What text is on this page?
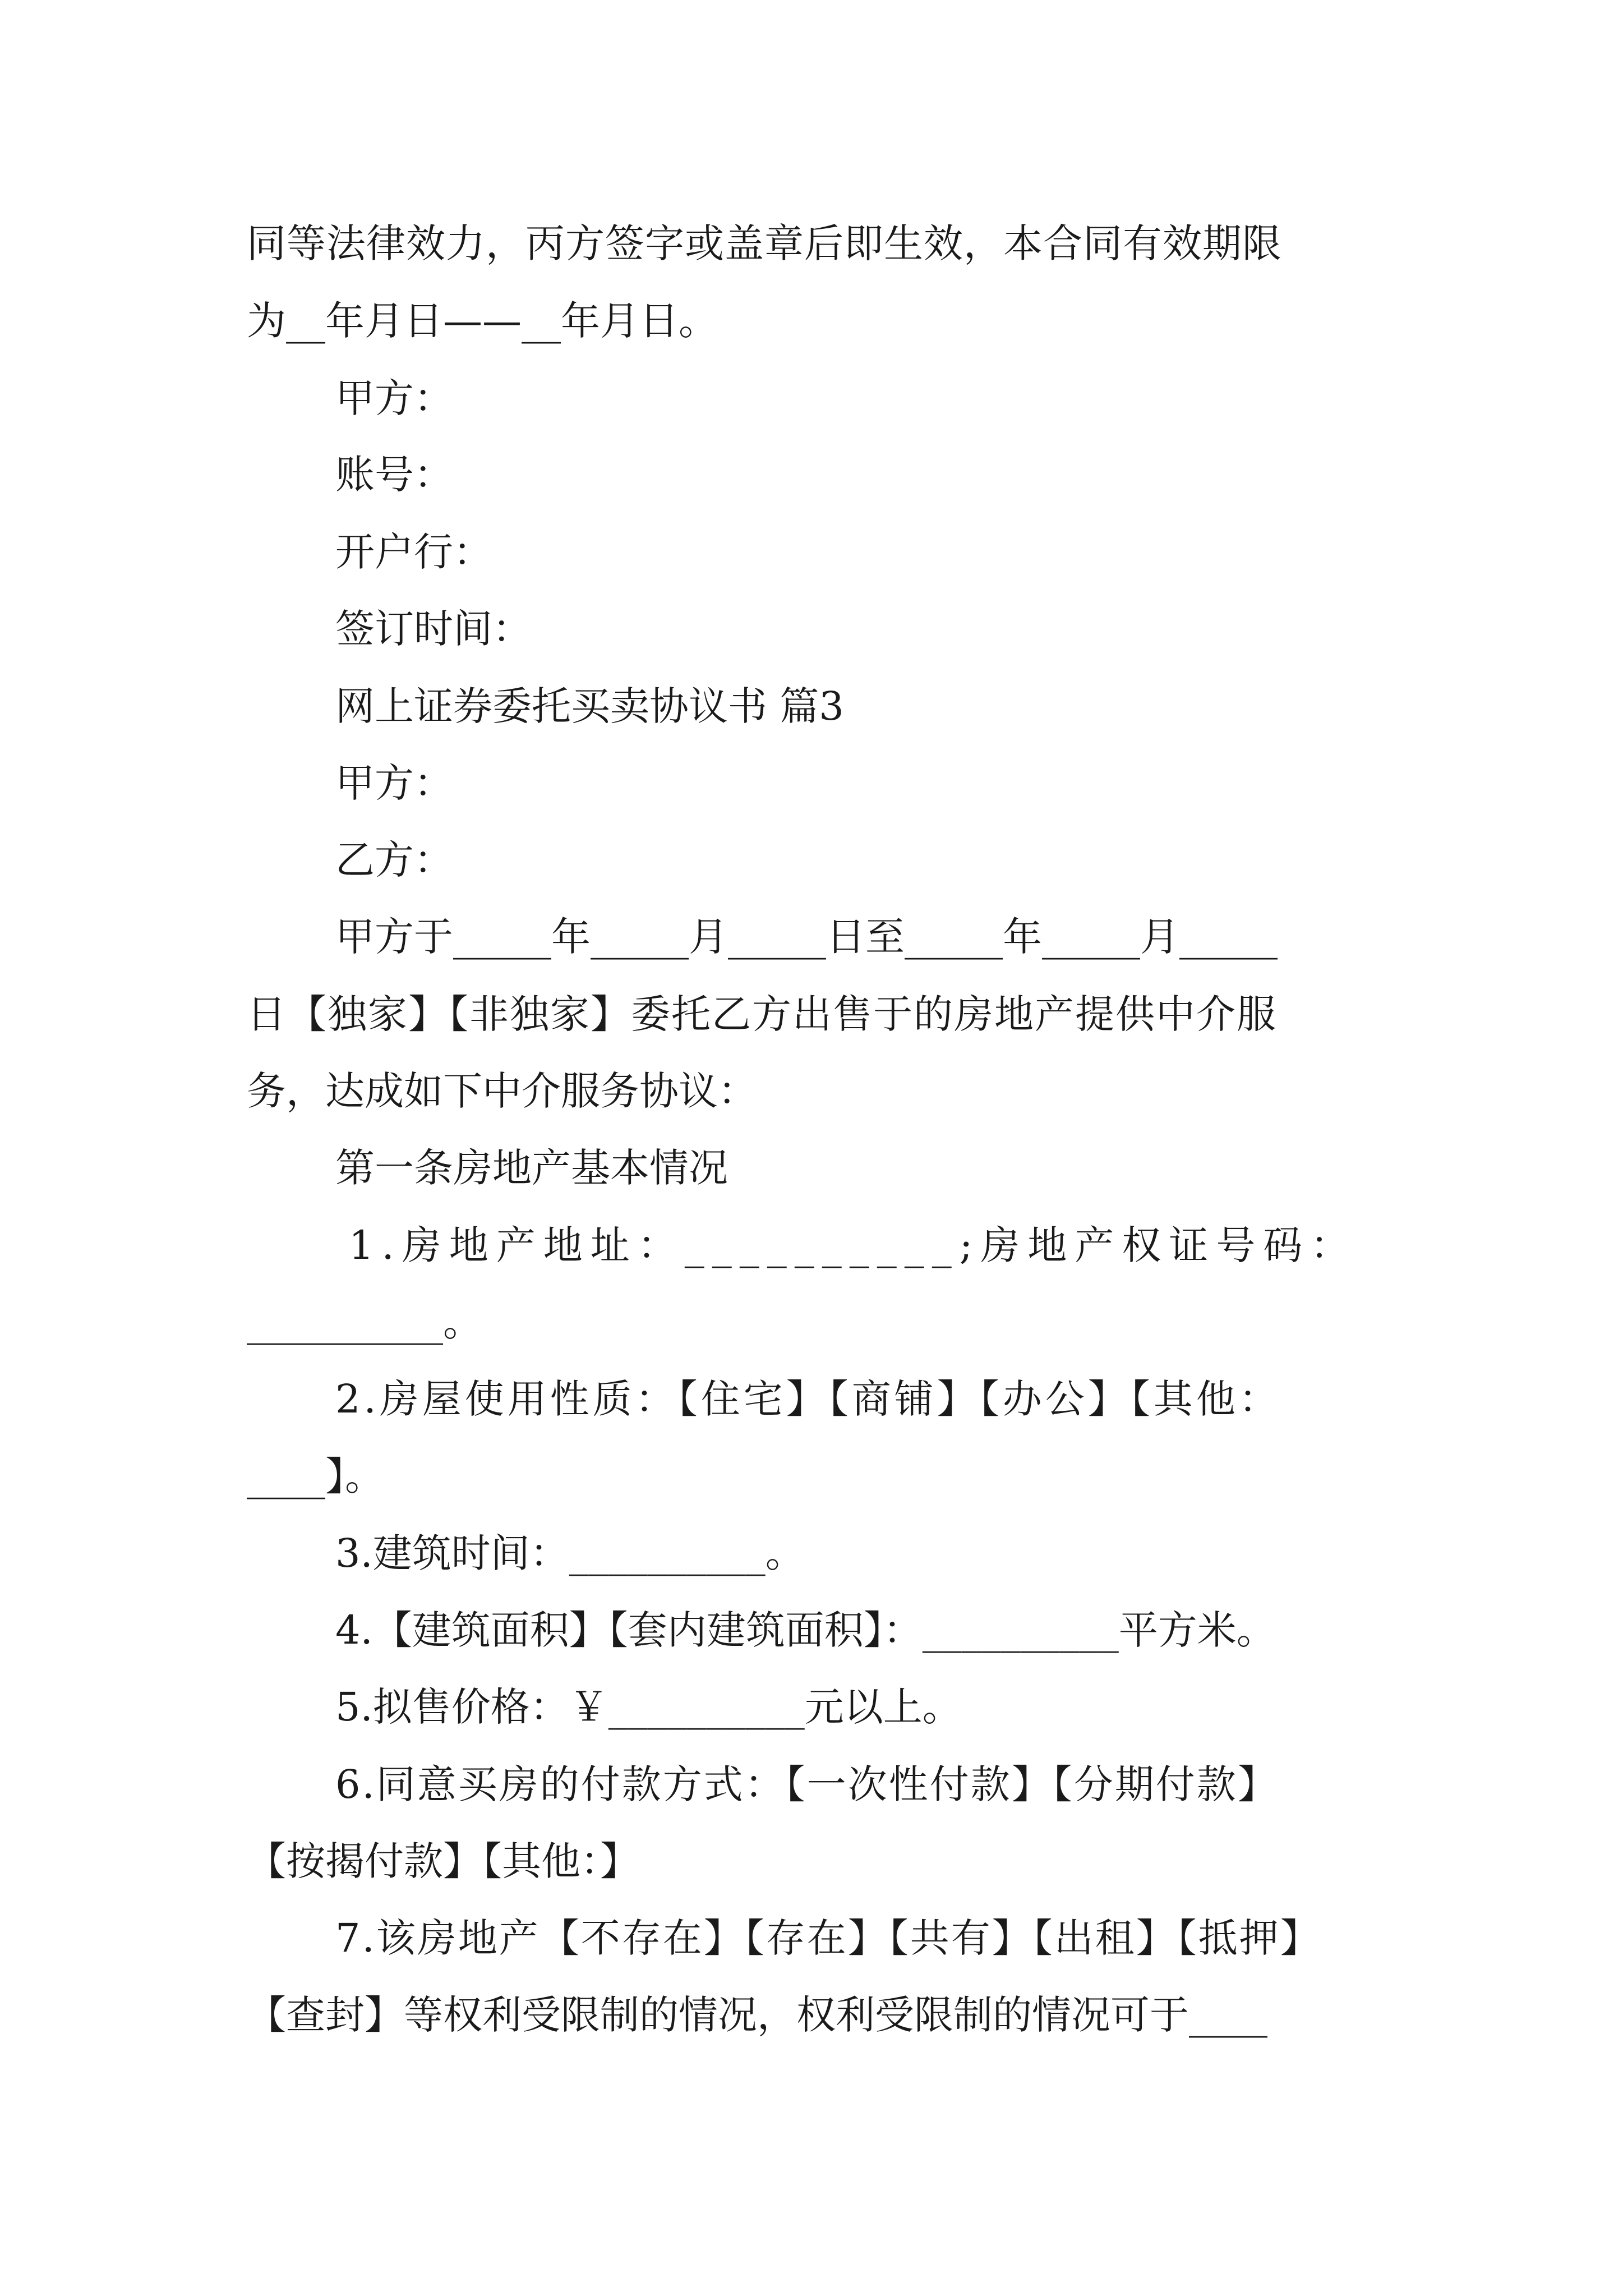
同等法律效力，丙方签字或盖章后即生效，本合同有效期限
为__年月日——__年月日。
甲方：
账号：
开户行：
签订时间：
网上证券委托买卖协议书 篇3
甲方：
乙方：
甲方于_____年_____月_____日至_____年_____月_____
日【独家】【非独家】委托乙方出售于的房地产提供中介服
务，达成如下中介服务协议：
第一条房地产基本情况
1.房地产地址：__________;房地产权证号码：
__________。
2.房屋使用性质：【住宅】【商铺】【办公】【其他：
____】。
3.建筑时间：__________。
4.【建筑面积】【套内建筑面积】：__________平方米。
5.拟售价格：￥__________元以上。
6.同意买房的付款方式：【一次性付款】【分期付款】
【按揭付款】【其他：】
7.该房地产【不存在】【存在】【共有】【出租】【抵押】
【查封】等权利受限制的情况，权利受限制的情况可于____
